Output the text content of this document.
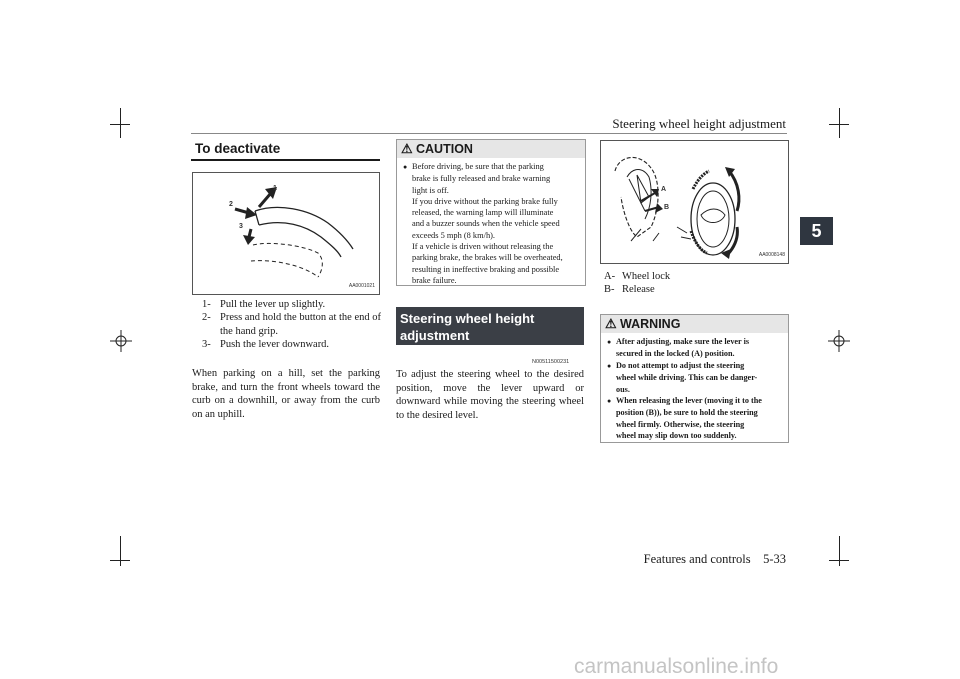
Steering wheel height adjustment
5
To deactivate
1
2
3
AA0001021
1- Pull the lever up slightly.
2- Press and hold the button at the end of
the hand grip.
3- Push the lever downward.
When parking on a hill, set the parking brake, and turn the front wheels toward the curb on a downhill, or away from the curb on an uphill.
⚠ CAUTION
● Before driving, be sure that the parking
brake is fully released and brake warning
light is off.
If you drive without the parking brake fully
released, the warning lamp will illuminate
and a buzzer sounds when the vehicle speed
exceeds 5 mph (8 km/h).
If a vehicle is driven without releasing the
parking brake, the brakes will be overheated,
resulting in ineffective braking and possible
brake failure.
Steering wheel height adjustment
N00511500231
To adjust the steering wheel to the desired position, move the lever upward or downward while moving the steering wheel to the desired level.
A
B
AA0008148
A- Wheel lock
B- Release
⚠ WARNING
● After adjusting, make sure the lever is
secured in the locked (A) position.
● Do not attempt to adjust the steering
wheel while driving. This can be danger-
ous.
● When releasing the lever (moving it to the
position (B)), be sure to hold the steering
wheel firmly. Otherwise, the steering
wheel may slip down too suddenly.
Features and controls    5-33
carmanualsonline.info
